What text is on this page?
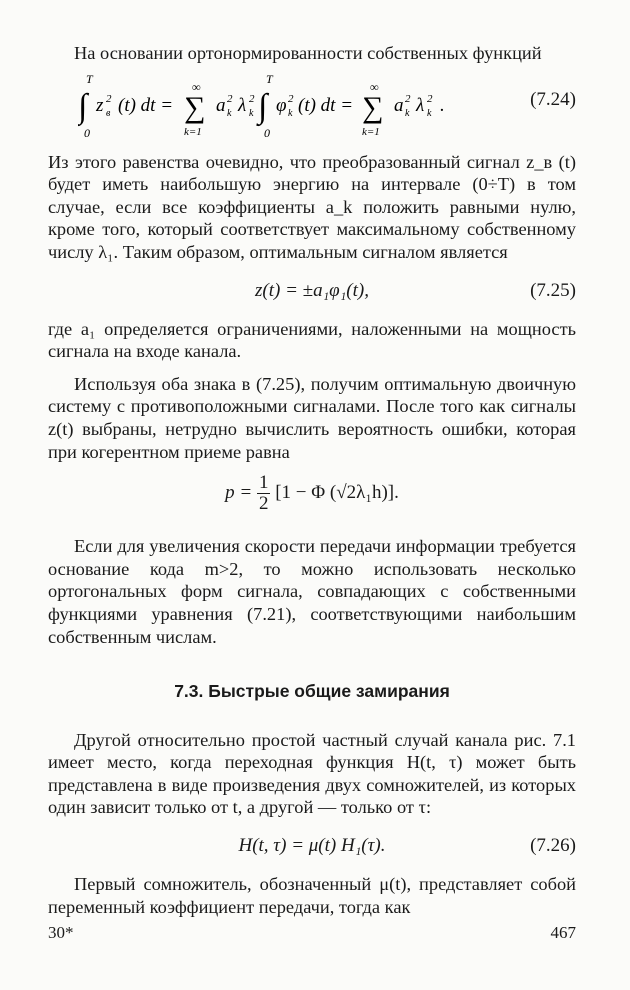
На основании ортонормированности собственных функций

T
∫
0
z 2
в (t) dt =
∞
∑
k=1
a 2
k λ 2
k
T
∫
0
φ 2
k (t) dt =
∞
∑
k=1
a 2
k λ 2
k .	(7.24)

Из этого равенства очевидно, что преобразованный сигнал z_в (t) будет иметь наибольшую энергию на интервале (0÷T) в том случае, если все коэффициенты a_k положить равными нулю, кроме того, который соответствует максимальному собственному числу λ₁. Таким образом, оптимальным сигналом является

z(t) = ±a₁φ₁(t),	(7.25)

где a₁ определяется ограничениями, наложенными на мощность сигнала на входе канала.

Используя оба знака в (7.25), получим оптимальную двоичную систему с противоположными сигналами. После того как сигналы z(t) выбраны, нетрудно вычислить вероятность ошибки, которая при когерентном приеме равна

$p = \frac{1}{2} [1 - \Phi$ (√2λ₁h)].

Если для увеличения скорости передачи информации требуется основание кода m>2, то можно использовать несколько ортогональных форм сигнала, совпадающих с собственными функциями уравнения (7.21), соответствующими наибольшим собственным числам.

7.3. Быстрые общие замирания

Другой относительно простой частный случай канала рис. 7.1 имеет место, когда переходная функция H(t, τ) может быть представлена в виде произведения двух сомножителей, из которых один зависит только от t, а другой — только от τ:

H(t, τ) = μ(t) H₁(τ).	(7.26)

Первый сомножитель, обозначенный μ(t), представляет собой переменный коэффициент передачи, тогда как

30*	467
